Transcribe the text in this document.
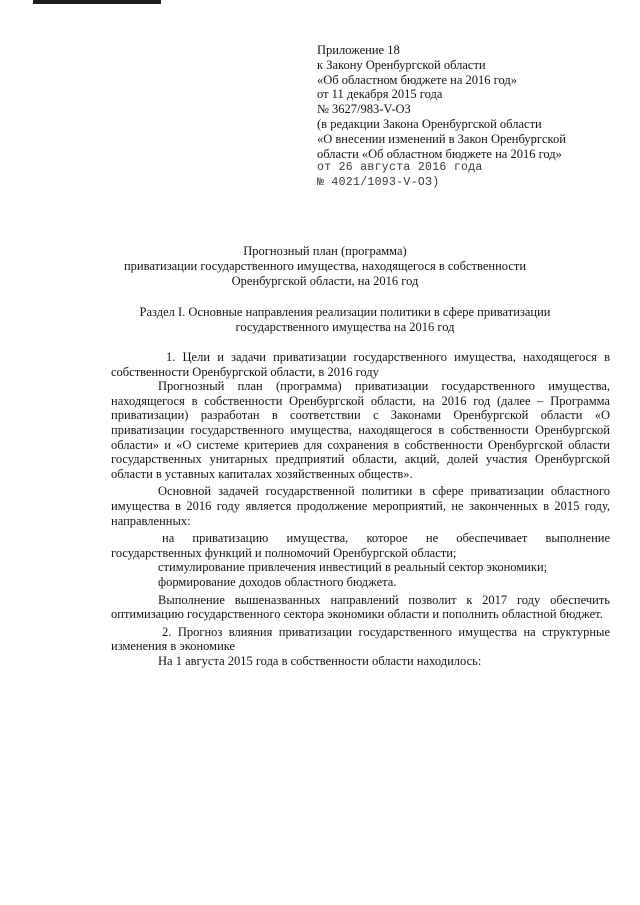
Приложение 18
к Закону Оренбургской области
«Об областном бюджете на 2016 год»
от 11 декабря 2015 года
№ 3627/983-V-ОЗ
(в редакции Закона Оренбургской области
«О внесении изменений в Закон Оренбургской
области «Об областном бюджете на 2016 год»
от 26 августа 2016 года
№ 4021/1093-V-ОЗ)
Прогнозный план (программа)
приватизации государственного имущества, находящегося в собственности
Оренбургской области, на 2016 год
Раздел I. Основные направления реализации политики в сфере приватизации
государственного имущества на 2016 год

1. Цели и задачи приватизации государственного имущества, находящегося в собственности Оренбургской области, в 2016 году

Прогнозный план (программа) приватизации государственного имущества, находящегося в собственности Оренбургской области, на 2016 год (далее – Программа приватизации) разработан в соответствии с Законами Оренбургской области «О приватизации государственного имущества, находящегося в собственности Оренбургской области» и «О системе критериев для сохранения в собственности Оренбургской области государственных унитарных предприятий области, акций, долей участия Оренбургской области в уставных капиталах хозяйственных обществ».

Основной задачей государственной политики в сфере приватизации областного имущества в 2016 году является продолжение мероприятий, не законченных в 2015 году, направленных:

на приватизацию имущества, которое не обеспечивает выполнение государственных функций и полномочий Оренбургской области;

стимулирование привлечения инвестиций в реальный сектор экономики;

формирование доходов областного бюджета.

Выполнение вышеназванных направлений позволит к 2017 году обеспечить оптимизацию государственного сектора экономики области и пополнить областной бюджет.

2. Прогноз влияния приватизации государственного имущества на структурные изменения в экономике

На 1 августа 2015 года в собственности области находилось:
